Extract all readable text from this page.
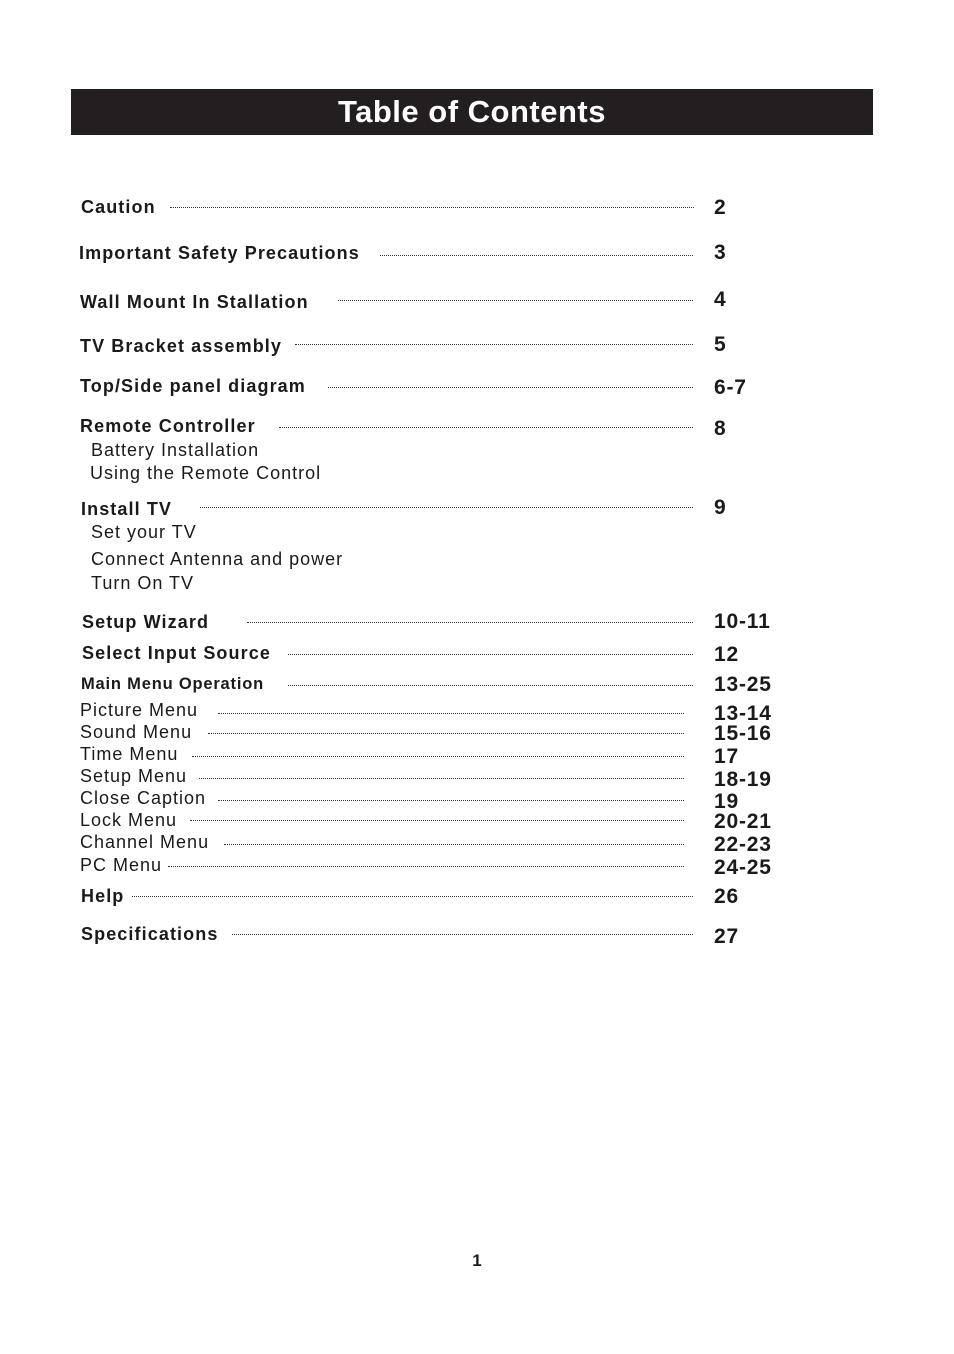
Table of Contents
Caution	2
Important Safety Precautions	3
Wall Mount In Stallation	4
TV Bracket assembly	5
Top/Side panel diagram	6-7
Remote Controller	8
Battery Installation
Using the Remote Control
Install TV	9
Set your TV
Connect Antenna and power
Turn On TV
Setup Wizard	10-11
Select Input Source	12
Main Menu Operation	13-25
Picture Menu	13-14
Sound Menu	15-16
Time Menu	17
Setup Menu	18-19
Close Caption	19
Lock Menu	20-21
Channel Menu	22-23
PC Menu	24-25
Help	26
Specifications	27
1
